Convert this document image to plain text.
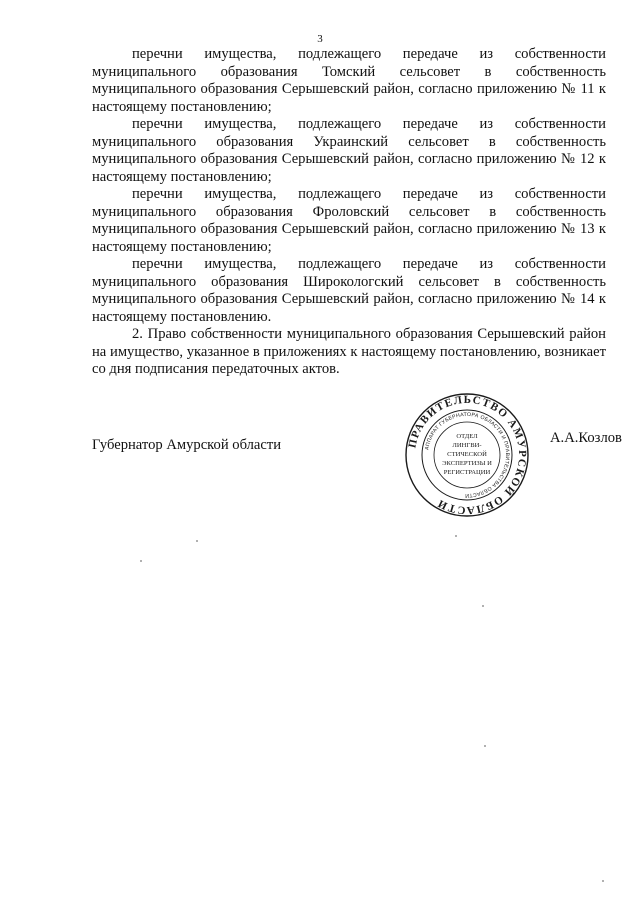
3

перечни имущества, подлежащего передаче из собственности муниципального образования Томский сельсовет в собственность муниципального образования Серышевский район, согласно приложению № 11 к настоящему постановлению;

перечни имущества, подлежащего передаче из собственности муниципального образования Украинский сельсовет в собственность муниципального образования Серышевский район, согласно приложению № 12 к настоящему постановлению;

перечни имущества, подлежащего передаче из собственности муниципального образования Фроловский сельсовет в собственность муниципального образования Серышевский район, согласно приложению № 13 к настоящему постановлению;

перечни имущества, подлежащего передаче из собственности муниципального образования Широкологский сельсовет в собственность муниципального образования Серышевский район, согласно приложению № 14 к настоящему постановлению.

2. Право собственности муниципального образования Серышевский район на имущество, указанное в приложениях к настоящему постановлению, возникает со дня подписания передаточных актов.

Губернатор Амурской области	А.А.Козлов
ПРАВИТЕЛЬСТВО АМУРСКОЙ ОБЛАСТИ
АППАРАТ ГУБЕРНАТОРА ОБЛАСТИ И ПРАВИТЕЛЬСТВА ОБЛАСТИ
ОТДЕЛ
ЛИНГВИ-
СТИЧЕСКОЙ
ЭКСПЕРТИЗЫ И
РЕГИСТРАЦИИ
